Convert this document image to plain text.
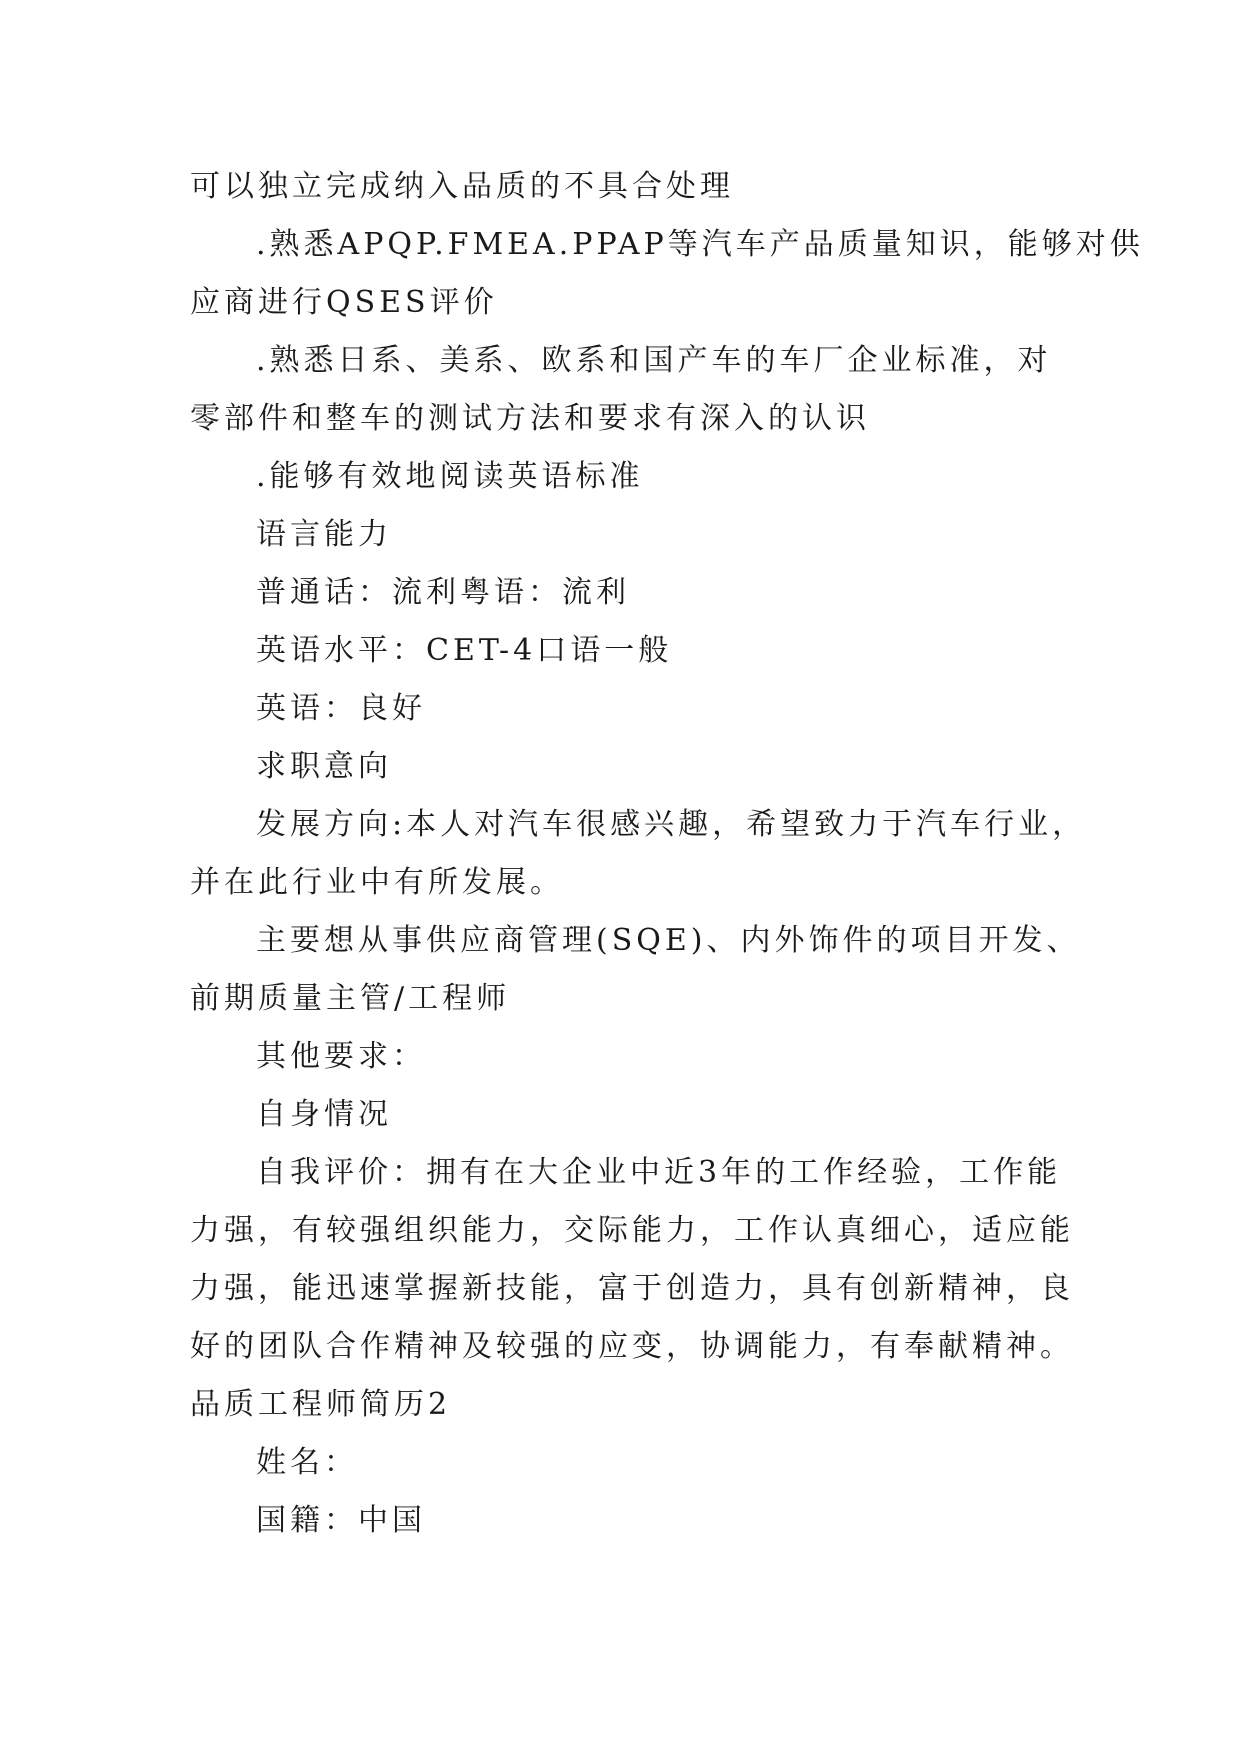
可以独立完成纳入品质的不具合处理

.熟悉APQP.FMEA.PPAP等汽车产品质量知识，能够对供

应商进行QSES评价

.熟悉日系、美系、欧系和国产车的车厂企业标准，对

零部件和整车的测试方法和要求有深入的认识

.能够有效地阅读英语标准

语言能力

普通话：流利粤语：流利

英语水平：CET-4口语一般

英语：良好

求职意向

发展方向:本人对汽车很感兴趣，希望致力于汽车行业，

并在此行业中有所发展。

主要想从事供应商管理(SQE)、内外饰件的项目开发、

前期质量主管/工程师

其他要求：

自身情况

自我评价：拥有在大企业中近3年的工作经验，工作能

力强，有较强组织能力，交际能力，工作认真细心，适应能

力强，能迅速掌握新技能，富于创造力，具有创新精神，良

好的团队合作精神及较强的应变，协调能力，有奉献精神。

品质工程师简历2

姓名：

国籍：中国
